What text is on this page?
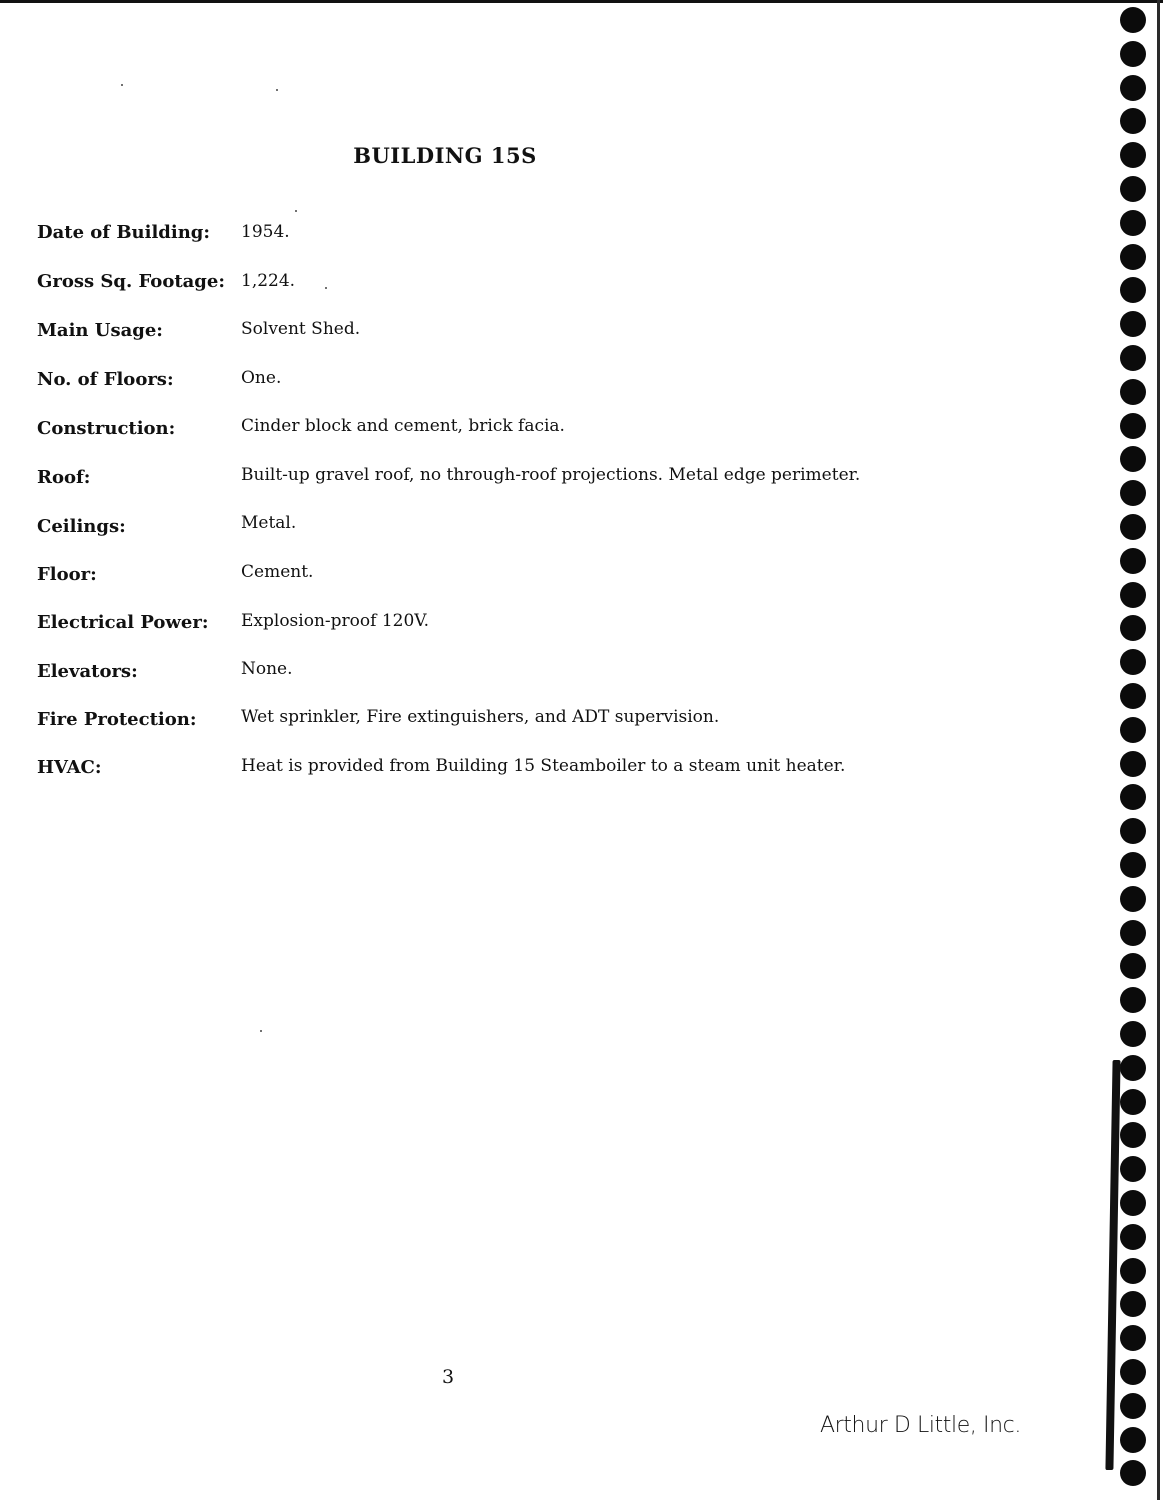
BUILDING 15S
Date of Building: 1954.
Gross Sq. Footage: 1,224.
Main Usage:	Solvent Shed.
No. of Floors:	One.
Construction:	Cinder block and cement, brick facia.
Roof:	Built-up gravel roof, no through-roof projections. Metal edge perimeter.
Ceilings:	Metal.
Floor:	Cement.
Electrical Power: Explosion-proof 120V.
Elevators:	None.
Fire Protection:	Wet sprinkler, Fire extinguishers, and ADT supervision.
HVAC:	Heat is provided from Building 15 Steamboiler to a steam unit heater.
3
Arthur D Little, Inc.
